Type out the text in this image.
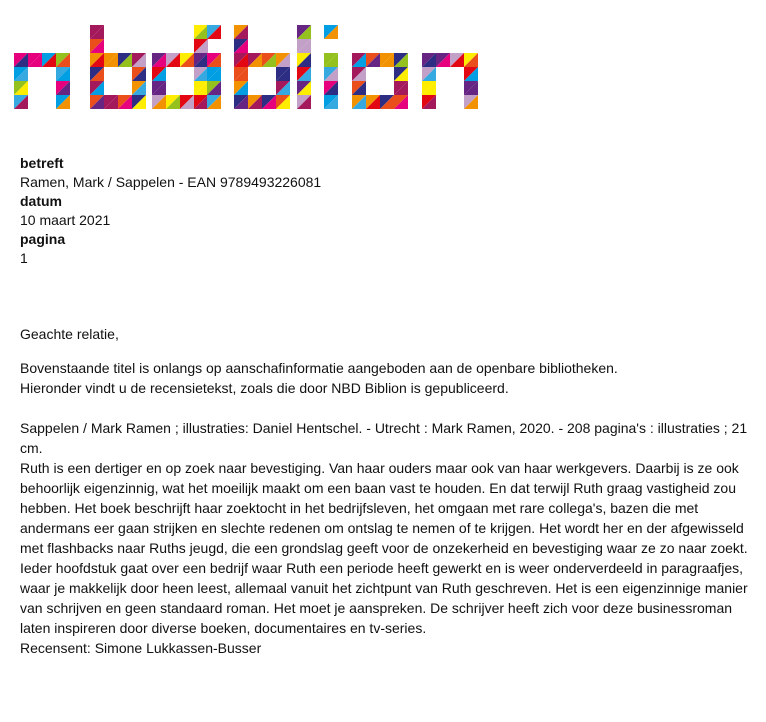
betreft
Ramen, Mark / Sappelen - EAN 9789493226081
datum
10 maart 2021
pagina
1

Geachte relatie,

Bovenstaande titel is onlangs op aanschafinformatie aangeboden aan de openbare bibliotheken.

Hieronder vindt u de recensietekst, zoals die door NBD Biblion is gepubliceerd.

Sappelen / Mark Ramen ; illustraties: Daniel Hentschel. - Utrecht : Mark Ramen, 2020. - 208 pagina's : illustraties ; 21 cm.

Ruth is een dertiger en op zoek naar bevestiging. Van haar ouders maar ook van haar werkgevers. Daarbij is ze ook behoorlijk eigenzinnig, wat het moeilijk maakt om een baan vast te houden. En dat terwijl Ruth graag vastigheid zou hebben. Het boek beschrijft haar zoektocht in het bedrijfsleven, het omgaan met rare collega's, bazen die met andermans eer gaan strijken en slechte redenen om ontslag te nemen of te krijgen. Het wordt her en der afgewisseld met flashbacks naar Ruths jeugd, die een grondslag geeft voor de onzekerheid en bevestiging waar ze zo naar zoekt. Ieder hoofdstuk gaat over een bedrijf waar Ruth een periode heeft gewerkt en is weer onderverdeeld in paragraafjes, waar je makkelijk door heen leest, allemaal vanuit het zichtpunt van Ruth geschreven. Het is een eigenzinnige manier van schrijven en geen standaard roman. Het moet je aanspreken. De schrijver heeft zich voor deze businessroman laten inspireren door diverse boeken, documentaires en tv-series.

Recensent: Simone Lukkassen-Busser
